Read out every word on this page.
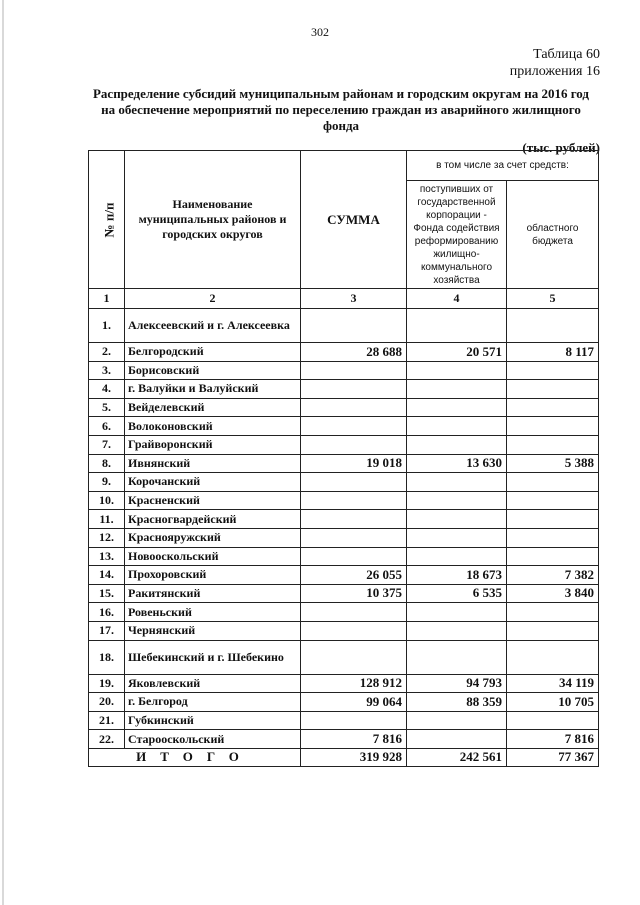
302
Таблица 60
приложения 16
Распределение субсидий муниципальным районам и городским округам на 2016 год на обеспечение мероприятий по переселению граждан из аварийного жилищного фонда
(тыс. рублей)
№ п/п	Наименование муниципальных районов и городских округов	СУММА	в том числе за счет средств:	

			поступивших от государственной корпорации - Фонда содействия реформированию жилищно-коммунального хозяйства	областного бюджета

1	2	3	4	5
1.	Алексеевский и г. Алексеевка			
2.	Белгородский	28 688	20 571	8 117
3.	Борисовский			
4.	г. Валуйки и Валуйский			
5.	Вейделевский			
6.	Волоконовский			
7.	Грайворонский			
8.	Ивнянский	19 018	13 630	5 388
9.	Корочанский			
10.	Красненский			
11.	Красногвардейский			
12.	Краснояружский			
13.	Новооскольский			
14.	Прохоровский	26 055	18 673	7 382
15.	Ракитянский	10 375	6 535	3 840
16.	Ровеньский			
17.	Чернянский			
18.	Шебекинский и г. Шебекино			
19.	Яковлевский	128 912	94 793	34 119
20.	г. Белгород	99 064	88 359	10 705
21.	Губкинский			
22.	Старооскольский	7 816		7 816
ИТОГО		319 928	242 561	77 367
